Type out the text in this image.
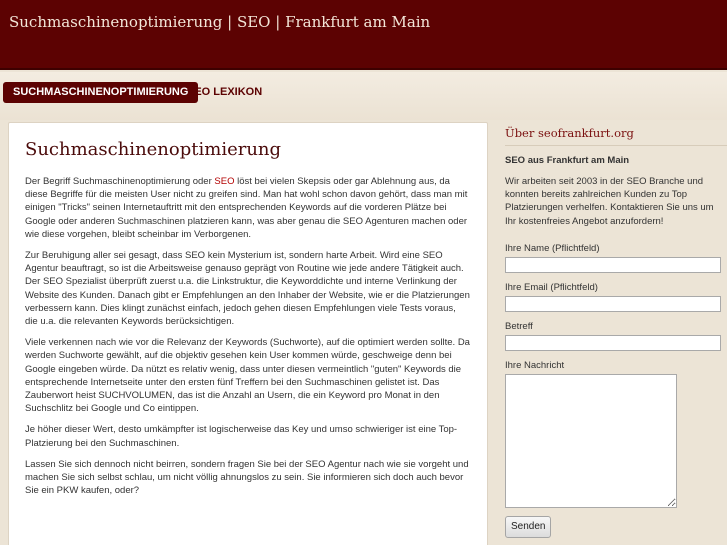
Suchmaschinenoptimierung | SEO | Frankfurt am Main
SUCHMASCHINENOPTIMIERUNG
SEO LEXIKON
Suchmaschinenoptimierung

Der Begriff Suchmaschinenoptimierung oder SEO löst bei vielen Skepsis oder gar Ablehnung aus, da diese Begriffe für die meisten User nicht zu greifen sind. Man hat wohl schon davon gehört, dass man mit einigen "Tricks" seinen Internetauftritt mit den entsprechenden Keywords auf die vorderen Plätze bei Google oder anderen Suchmaschinen platzieren kann, was aber genau die SEO Agenturen machen oder wie diese vorgehen, bleibt scheinbar im Verborgenen.

Zur Beruhigung aller sei gesagt, dass SEO kein Mysterium ist, sondern harte Arbeit. Wird eine SEO Agentur beauftragt, so ist die Arbeitsweise genauso geprägt von Routine wie jede andere Tätigkeit auch. Der SEO Spezialist überprüft zuerst u.a. die Linkstruktur, die Keyworddichte und interne Verlinkung der Website des Kunden. Danach gibt er Empfehlungen an den Inhaber der Website, wie er die Platzierungen verbessern kann. Dies klingt zunächst einfach, jedoch gehen diesen Empfehlungen viele Tests voraus, die u.a. die relevanten Keywords berücksichtigen.

Viele verkennen nach wie vor die Relevanz der Keywords (Suchworte), auf die optimiert werden sollte. Da werden Suchworte gewählt, auf die objektiv gesehen kein User kommen würde, geschweige denn bei Google eingeben würde. Da nützt es relativ wenig, dass unter diesen vermeintlich "guten" Keywords die entsprechende Internetseite unter den ersten fünf Treffern bei den Suchmaschinen gelistet ist. Das Zauberwort heist SUCHVOLUMEN, das ist die Anzahl an Usern, die ein Keyword pro Monat in den Suchschlitz bei Google und Co eintippen.

Je höher dieser Wert, desto umkämpfter ist logischerweise das Key und umso schwieriger ist eine Top-Platzierung bei den Suchmaschinen.

Lassen Sie sich dennoch nicht beirren, sondern fragen Sie bei der SEO Agentur nach wie sie vorgeht und machen Sie sich selbst schlau, um nicht völlig ahnungslos zu sein. Sie informieren sich doch auch bevor Sie ein PKW kaufen, oder?

Über seofrankfurt.org
SEO aus Frankfurt am Main
Wir arbeiten seit 2003 in der SEO Branche und konnten bereits zahlreichen Kunden zu Top Platzierungen verhelfen. Kontaktieren Sie uns um Ihr kostenfreies Angebot anzufordern!
Ihre Name (Pflichtfeld)
Ihre Email (Pflichtfeld)
Betreff
Ihre Nachricht
Senden
